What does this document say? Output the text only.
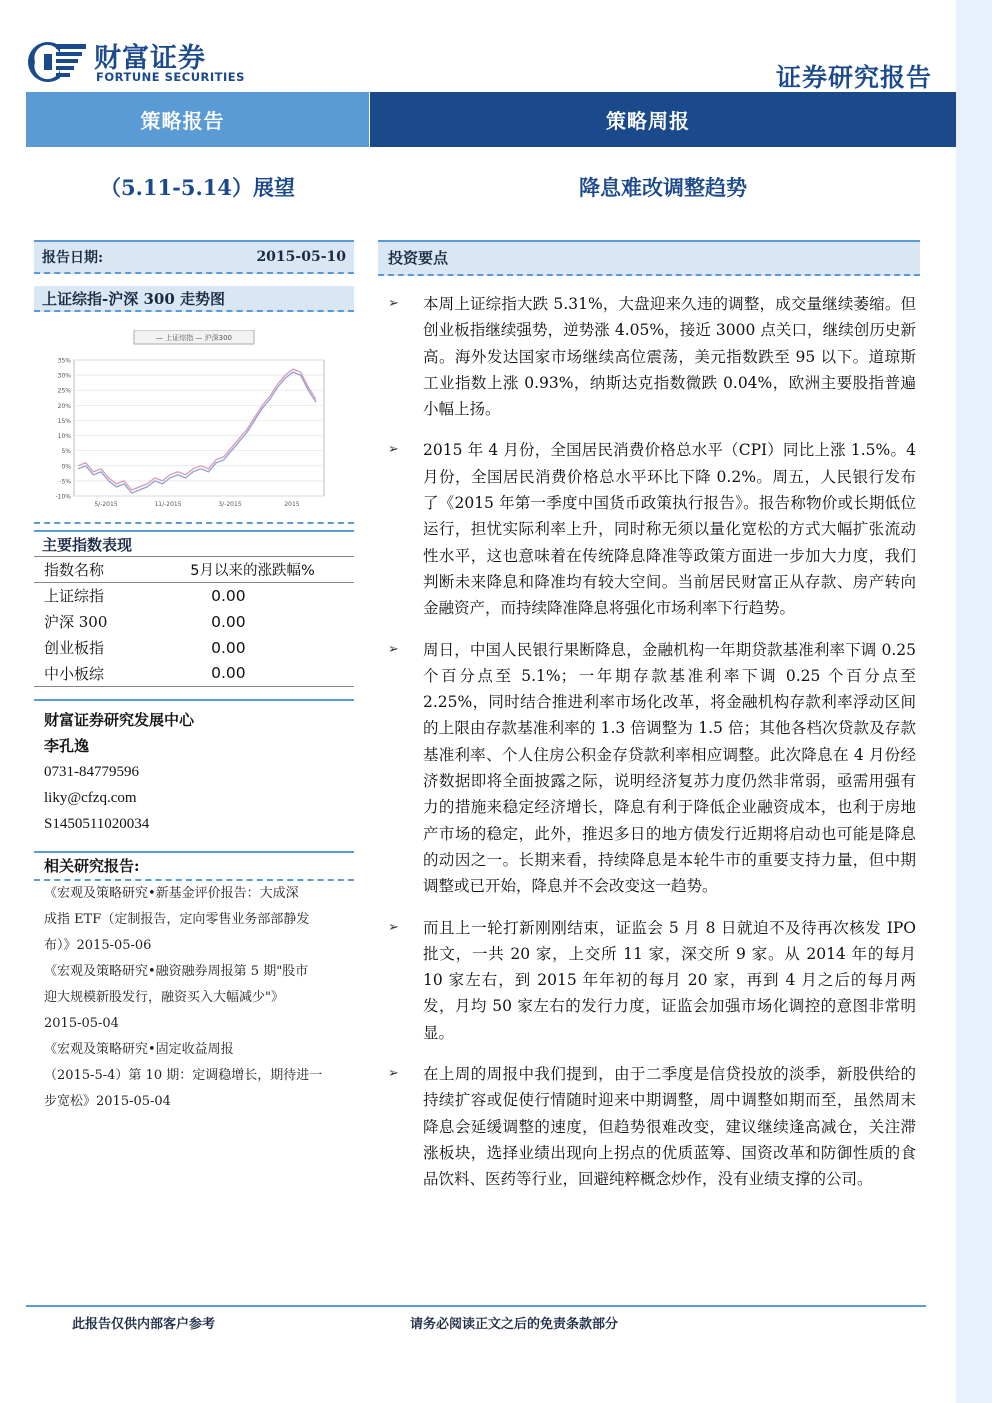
财富证券
FORTUNE SECURITIES	证券研究报告
策略报告	策略周报
（5.11-5.14）展望	降息难改调整趋势
报告日期:	2015-05-10
上证综指-沪深 300 走势图
— 上证综指 — 沪深300
35%
30%
25%
20%
15%
10%
5%
0%
-5%
-10%
5/-2015	11/-2015	3/-2015	2015
主要指数表现
指数名称	5月以来的涨跌幅%
上证综指	0.00
沪深 300	0.00
创业板指	0.00
中小板综	0.00
财富证券研究发展中心
李孔逸
0731-84779596
liky@cfzq.com
S1450511020034
相关研究报告:
《宏观及策略研究•新基金评价报告：大成深
成指 ETF（定制报告，定向零售业务部部静发
布）》2015-05-06
《宏观及策略研究•融资融券周报第 5 期"股市
迎大规模新股发行，融资买入大幅减少"》
2015-05-04
《宏观及策略研究•固定收益周报
（2015-5-4）第 10 期：定调稳增长，期待进一
步宽松》2015-05-04
投资要点
➢ 本周上证综指大跌 5.31%，大盘迎来久违的调整，成交量继续萎缩。但创业板指继续强势，逆势涨 4.05%，接近 3000 点关口，继续创历史新高。海外发达国家市场继续高位震荡，美元指数跌至 95 以下。道琼斯工业指数上涨 0.93%，纳斯达克指数微跌 0.04%，欧洲主要股指普遍小幅上扬。
➢ 2015 年 4 月份，全国居民消费价格总水平（CPI）同比上涨 1.5%。4 月份，全国居民消费价格总水平环比下降 0.2%。周五，人民银行发布了《2015 年第一季度中国货币政策执行报告》。报告称物价或长期低位运行，担忧实际利率上升，同时称无须以量化宽松的方式大幅扩张流动性水平，这也意味着在传统降息降准等政策方面进一步加大力度，我们判断未来降息和降准均有较大空间。当前居民财富正从存款、房产转向金融资产，而持续降准降息将强化市场利率下行趋势。
➢ 周日，中国人民银行果断降息，金融机构一年期贷款基准利率下调 0.25 个百分点至 5.1%；一年期存款基准利率下调 0.25 个百分点至 2.25%，同时结合推进利率市场化改革，将金融机构存款利率浮动区间的上限由存款基准利率的 1.3 倍调整为 1.5 倍；其他各档次贷款及存款基准利率、个人住房公积金存贷款利率相应调整。此次降息在 4 月份经济数据即将全面披露之际，说明经济复苏力度仍然非常弱，亟需用强有力的措施来稳定经济增长，降息有利于降低企业融资成本，也利于房地产市场的稳定，此外，推迟多日的地方债发行近期将启动也可能是降息的动因之一。长期来看，持续降息是本轮牛市的重要支持力量，但中期调整或已开始，降息并不会改变这一趋势。
➢ 而且上一轮打新刚刚结束，证监会 5 月 8 日就迫不及待再次核发 IPO 批文，一共 20 家，上交所 11 家，深交所 9 家。从 2014 年的每月 10 家左右，到 2015 年年初的每月 20 家，再到 4 月之后的每月两发，月均 50 家左右的发行力度，证监会加强市场化调控的意图非常明显。
➢ 在上周的周报中我们提到，由于二季度是信贷投放的淡季，新股供给的持续扩容或促使行情随时迎来中期调整，周中调整如期而至，虽然周末降息会延缓调整的速度，但趋势很难改变，建议继续逢高减仓，关注滞涨板块，选择业绩出现向上拐点的优质蓝筹、国资改革和防御性质的食品饮料、医药等行业，回避纯粹概念炒作，没有业绩支撑的公司。
此报告仅供内部客户参考	请务必阅读正文之后的免责条款部分
